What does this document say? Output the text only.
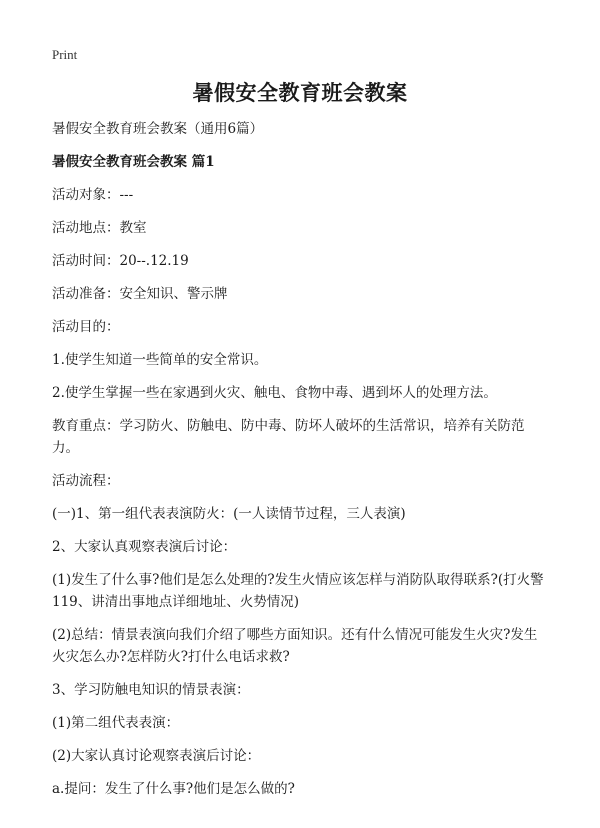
Print
暑假安全教育班会教案

暑假安全教育班会教案（通用6篇）

暑假安全教育班会教案 篇1

活动对象：---

活动地点：教室

活动时间：20--.12.19

活动准备：安全知识、警示牌

活动目的：

1.使学生知道一些简单的安全常识。

2.使学生掌握一些在家遇到火灾、触电、食物中毒、遇到坏人的处理方法。

教育重点：学习防火、防触电、防中毒、防坏人破坏的生活常识，培养有关防范力。

活动流程：

(一)1、第一组代表表演防火：(一人读情节过程，三人表演)

2、大家认真观察表演后讨论：

(1)发生了什么事?他们是怎么处理的?发生火情应该怎样与消防队取得联系?(打火警119、讲清出事地点详细地址、火势情况)

(2)总结：情景表演向我们介绍了哪些方面知识。还有什么情况可能发生火灾?发生火灾怎么办?怎样防火?打什么电话求救?

3、学习防触电知识的情景表演：

(1)第二组代表表演：

(2)大家认真讨论观察表演后讨论：

a.提问：发生了什么事?他们是怎么做的?
